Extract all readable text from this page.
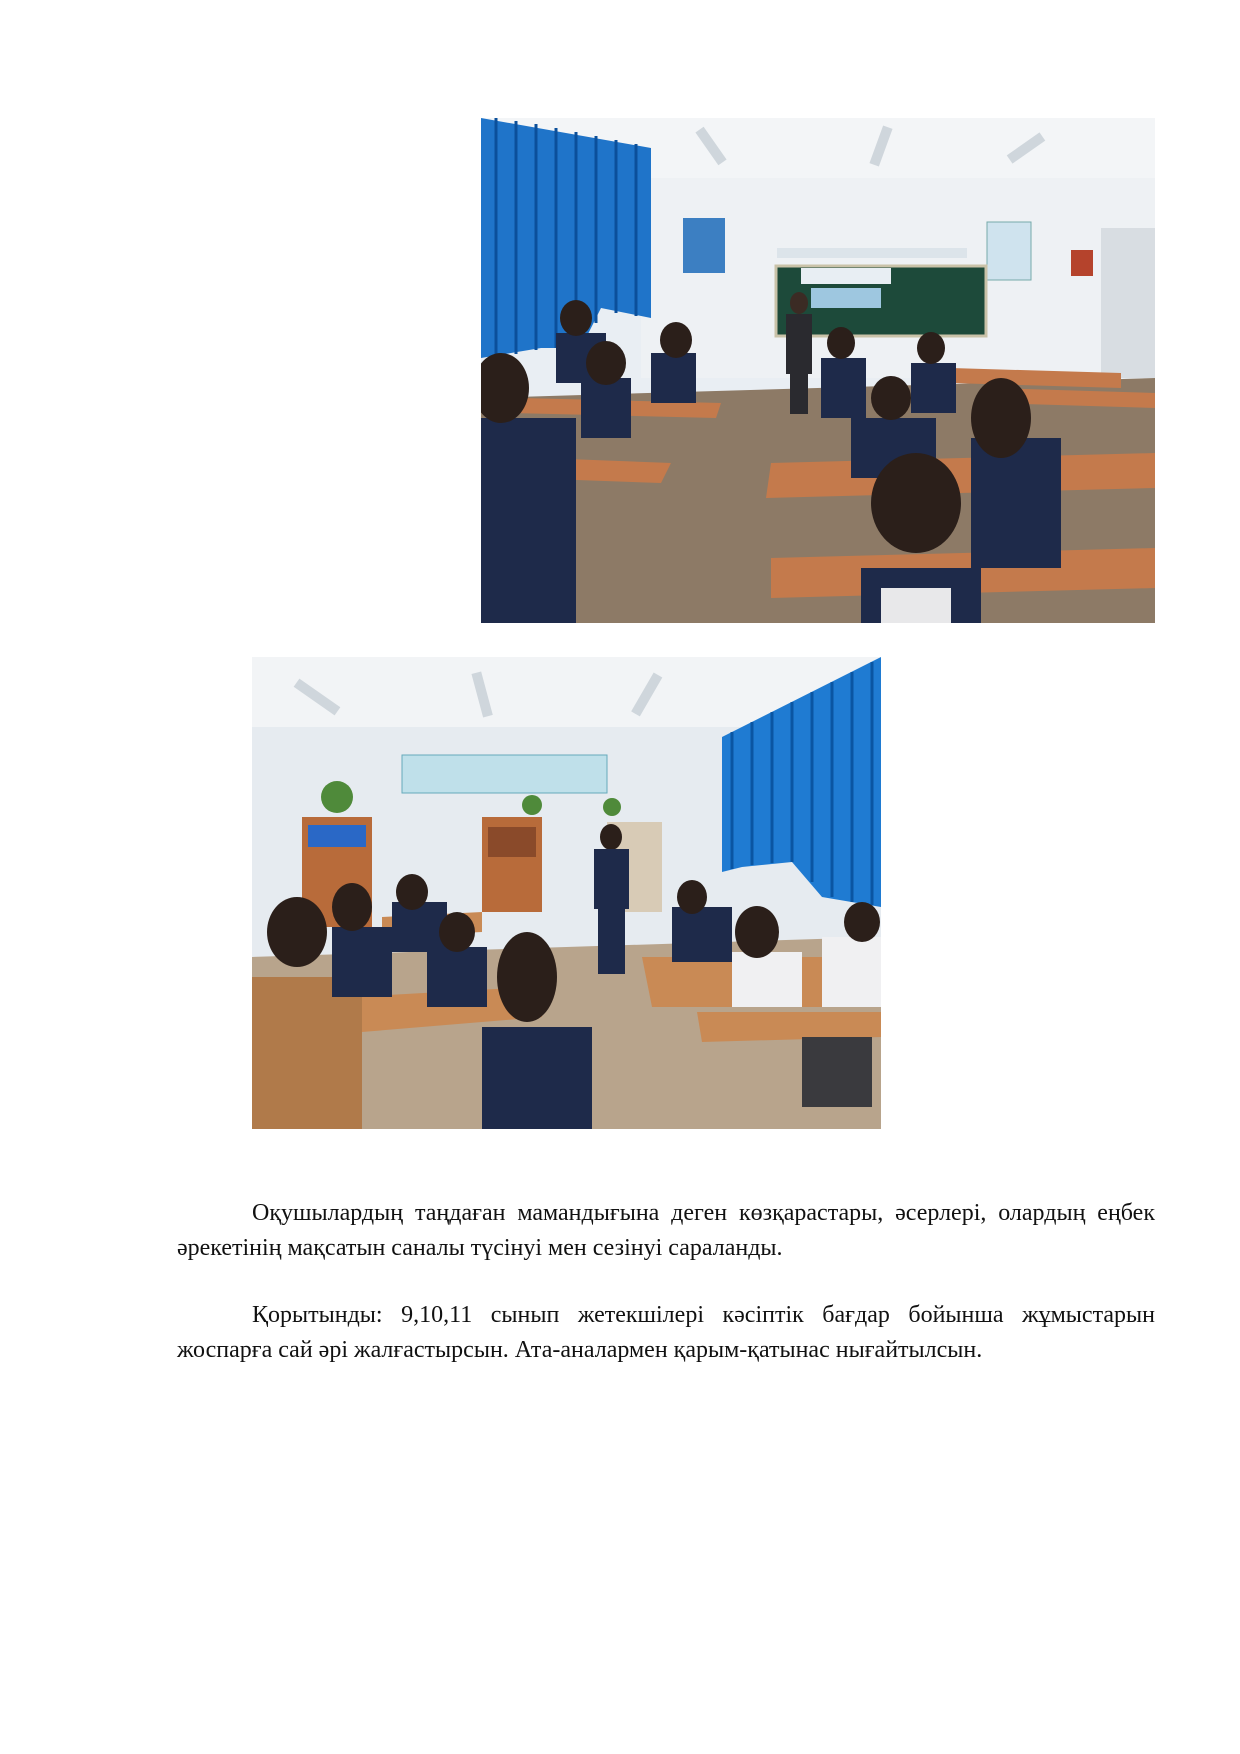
Оқушылардың таңдаған мамандығына деген көзқарастары, әсерлері, олардың еңбек әрекетінің мақсатын саналы түсінуі мен сезінуі сараланды.

Қорытынды: 9,10,11 сынып жетекшілері кәсіптік бағдар бойынша жұмыстарын жоспарға сай әрі жалғастырсын. Ата-аналармен қарым-қатынас нығайтылсын.
